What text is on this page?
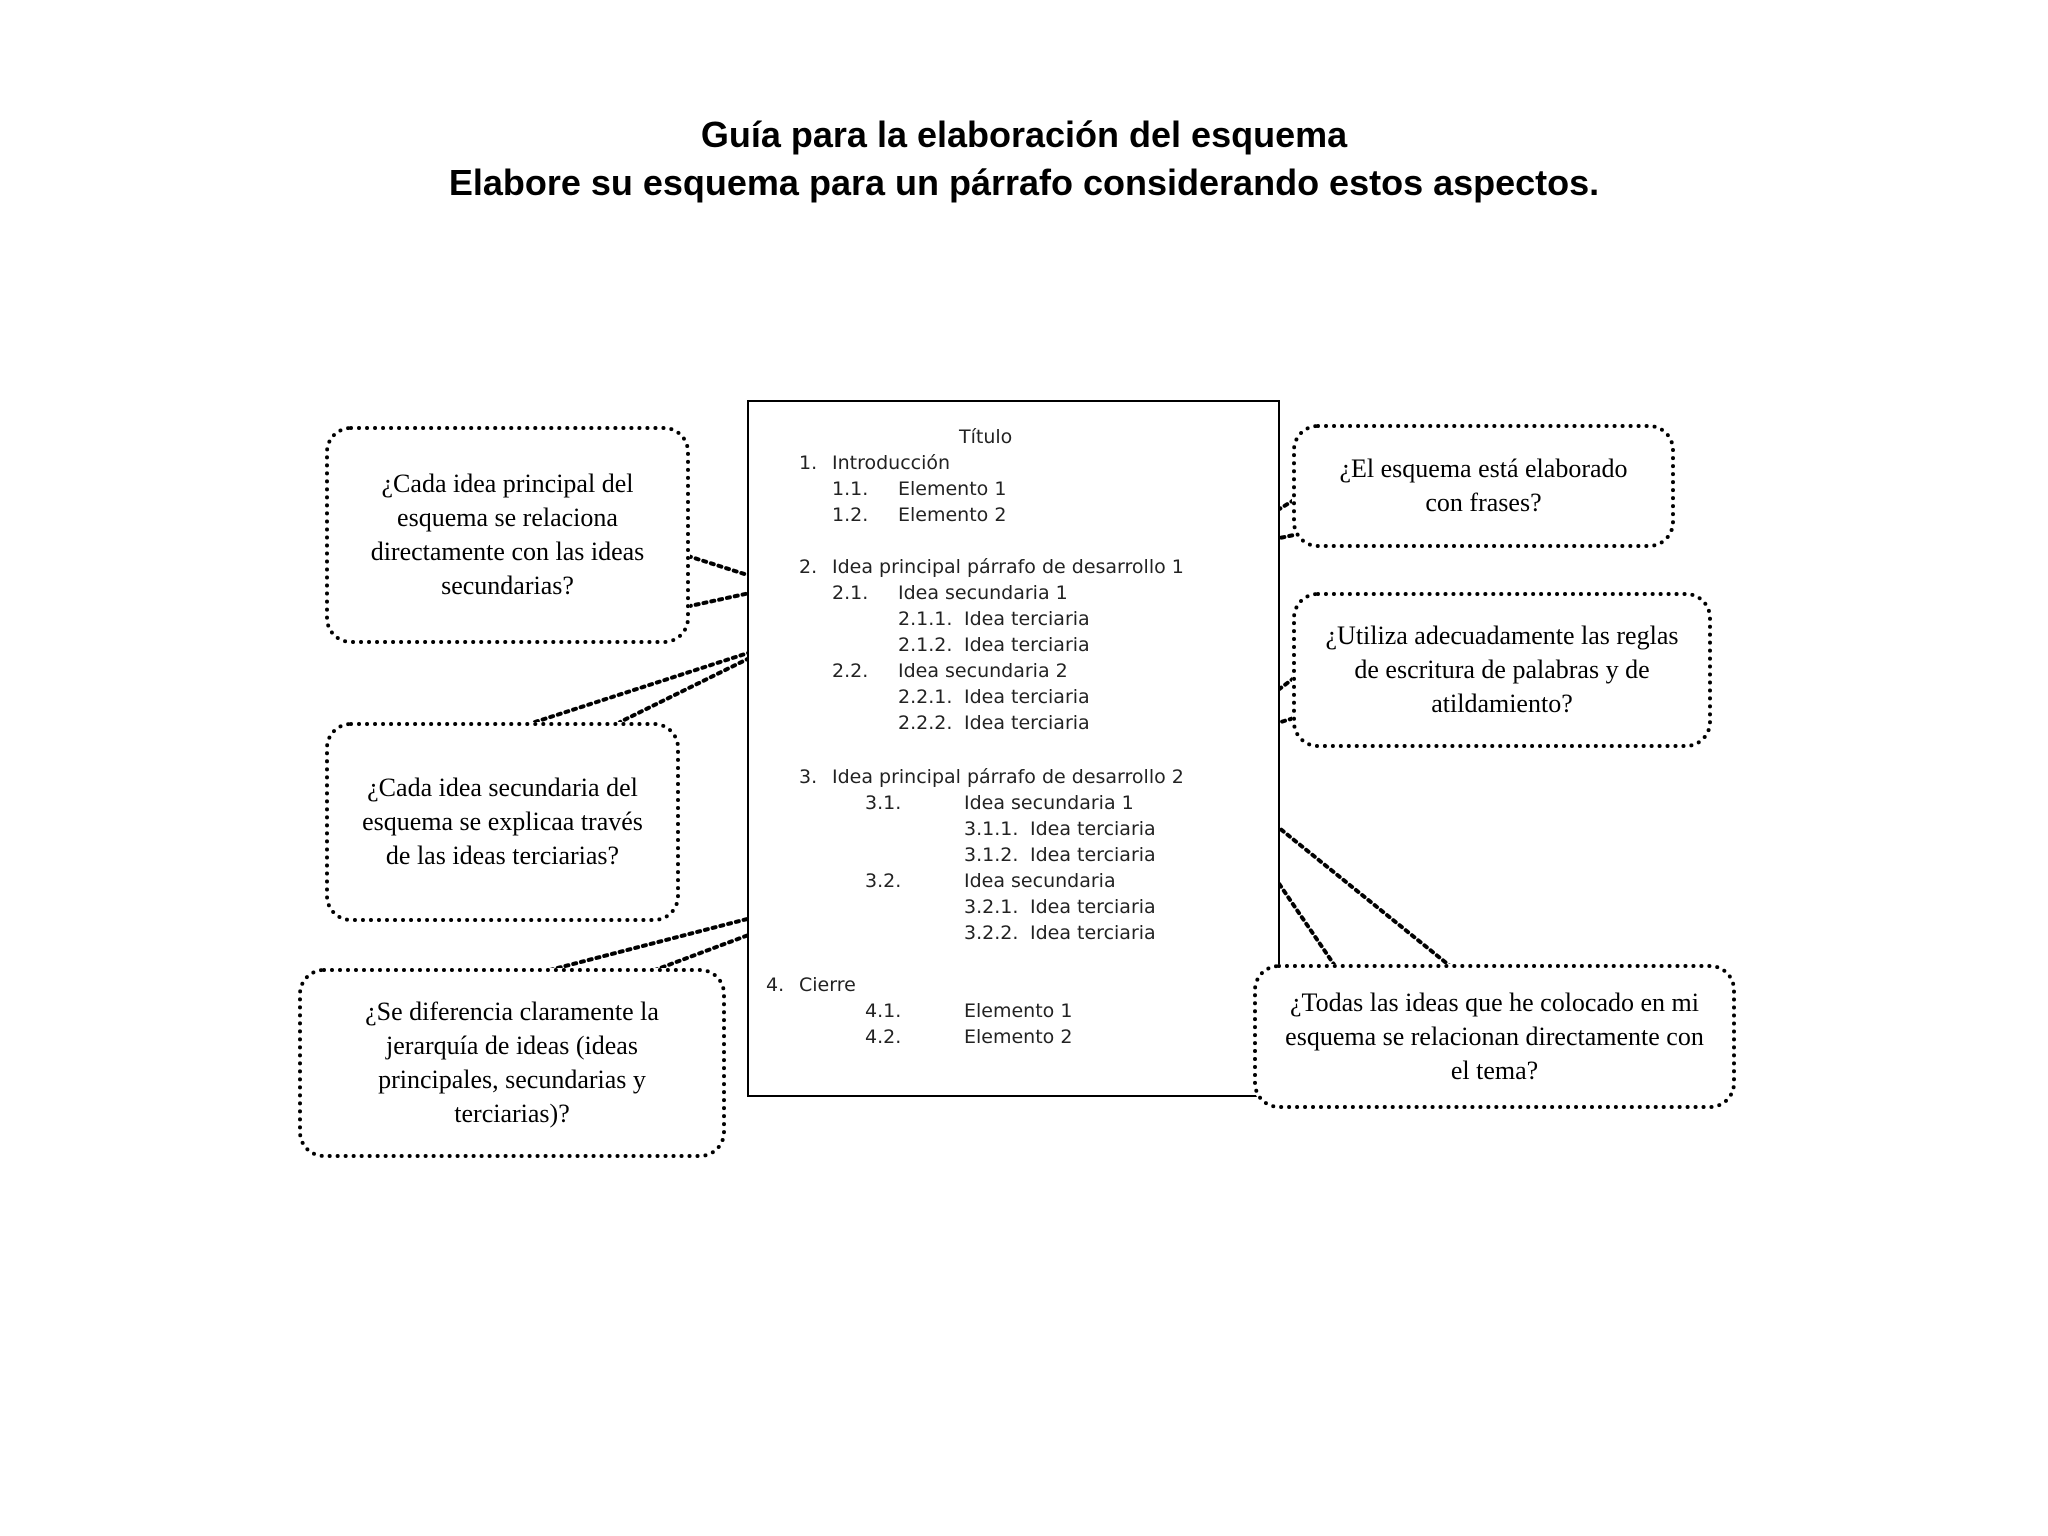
Guía para la elaboración del esquema
Elabore su esquema para un párrafo considerando estos aspectos.
Título
1. Introducción
1.1. Elemento 1
1.2. Elemento 2
2. Idea principal párrafo de desarrollo 1
2.1. Idea secundaria 1
2.1.1. Idea terciaria
2.1.2. Idea terciaria
2.2. Idea secundaria 2
2.2.1. Idea terciaria
2.2.2. Idea terciaria
3. Idea principal párrafo de desarrollo 2
3.1.	Idea secundaria 1
3.1.1. Idea terciaria
3.1.2. Idea terciaria
3.2.	Idea secundaria
3.2.1. Idea terciaria
3.2.2. Idea terciaria
4. Cierre
4.1.	Elemento 1
4.2.	Elemento 2
¿Cada idea principal del esquema se relaciona directamente con las ideas secundarias?
¿Cada idea secundaria del esquema se explicaa través de las ideas terciarias?
¿Se diferencia claramente la jerarquía de ideas (ideas principales, secundarias y terciarias)?
¿El esquema está elaborado con frases?
¿Utiliza adecuadamente las reglas de escritura de palabras y de atildamiento?
¿Todas las ideas que he colocado en mi esquema se relacionan directamente con el tema?
